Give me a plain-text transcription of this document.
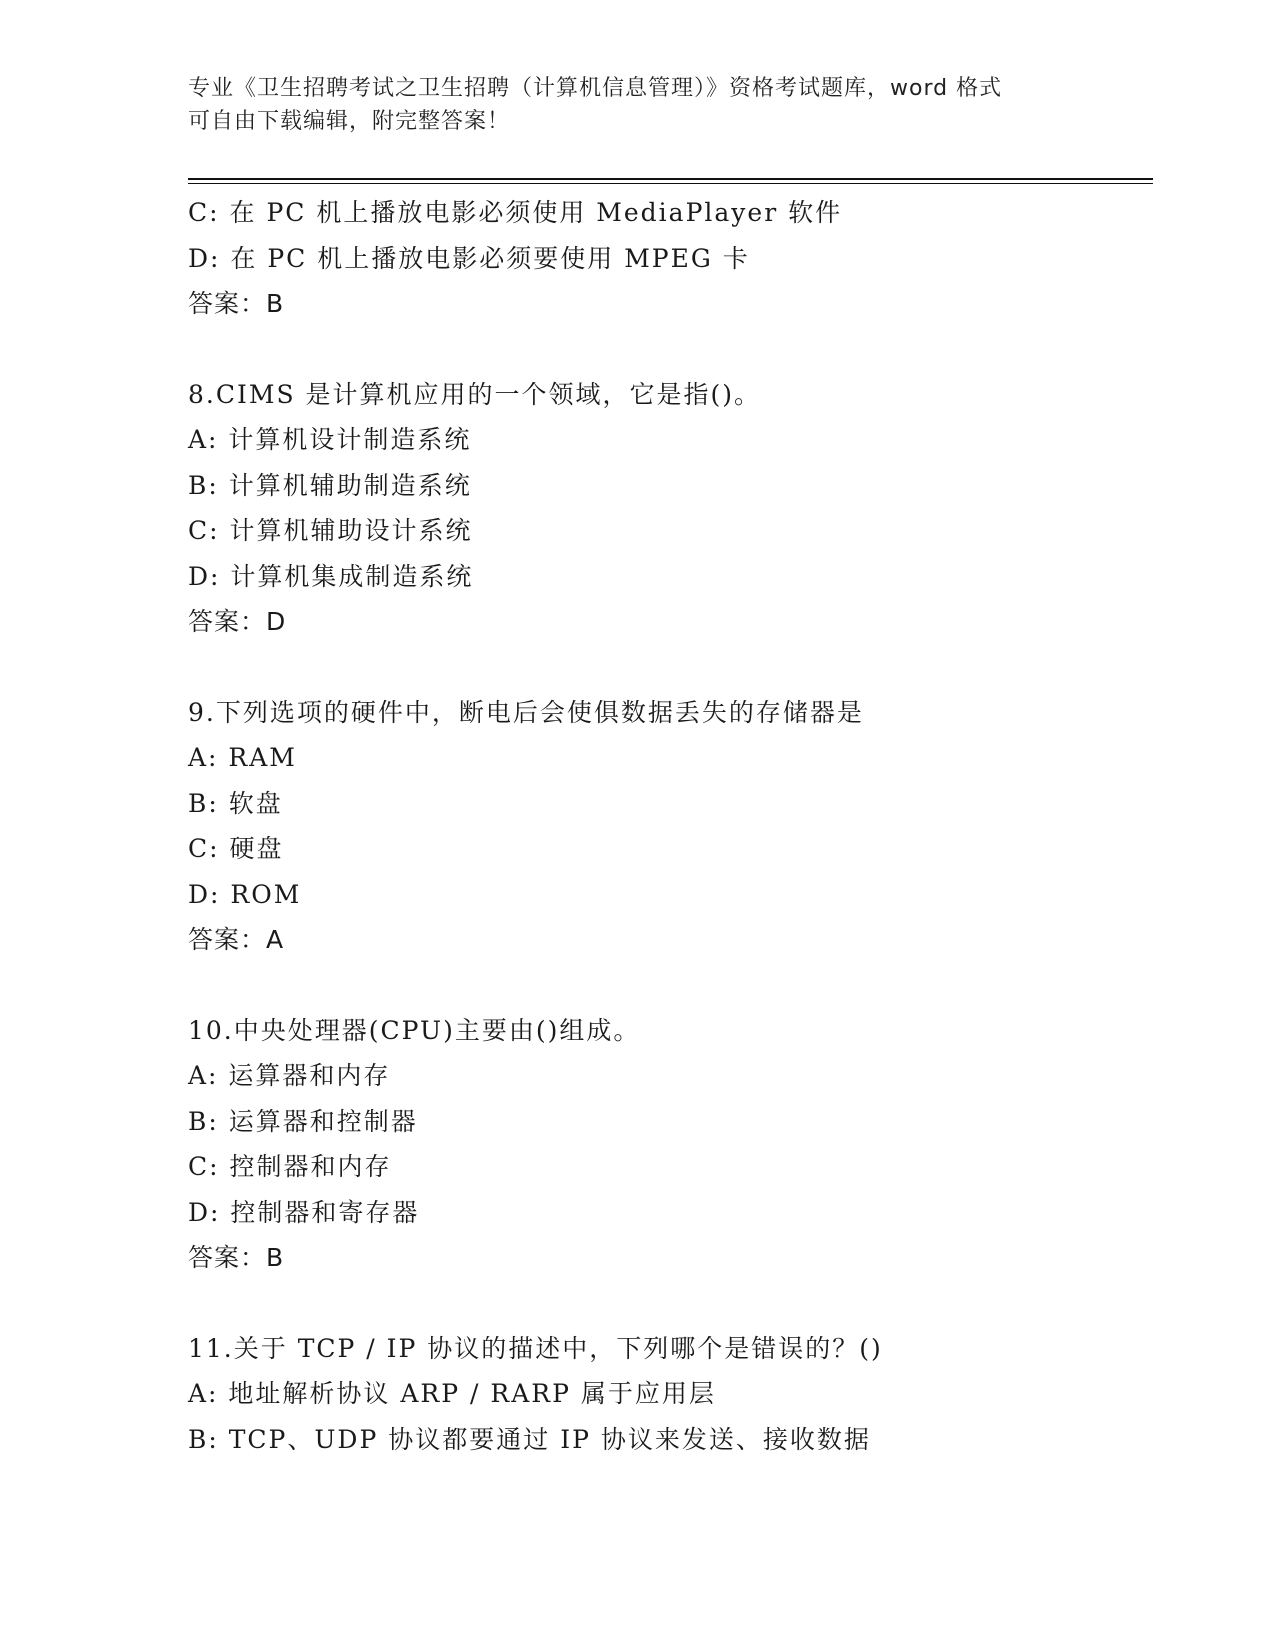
专业《卫生招聘考试之卫生招聘（计算机信息管理）》资格考试题库，word 格式
可自由下载编辑，附完整答案！
C: 在 PC 机上播放电影必须使用 MediaPlayer 软件
D: 在 PC 机上播放电影必须要使用 MPEG 卡
答案：B
8.CIMS 是计算机应用的一个领域，它是指()。
A: 计算机设计制造系统
B: 计算机辅助制造系统
C: 计算机辅助设计系统
D: 计算机集成制造系统
答案：D
9.下列选项的硬件中，断电后会使俱数据丢失的存储器是
A: RAM
B: 软盘
C: 硬盘
D: ROM
答案：A
10.中央处理器(CPU)主要由()组成。
A: 运算器和内存
B: 运算器和控制器
C: 控制器和内存
D: 控制器和寄存器
答案：B
11.关于 TCP / IP 协议的描述中，下列哪个是错误的？()
A: 地址解析协议 ARP / RARP 属于应用层
B: TCP、UDP 协议都要通过 IP 协议来发送、接收数据
